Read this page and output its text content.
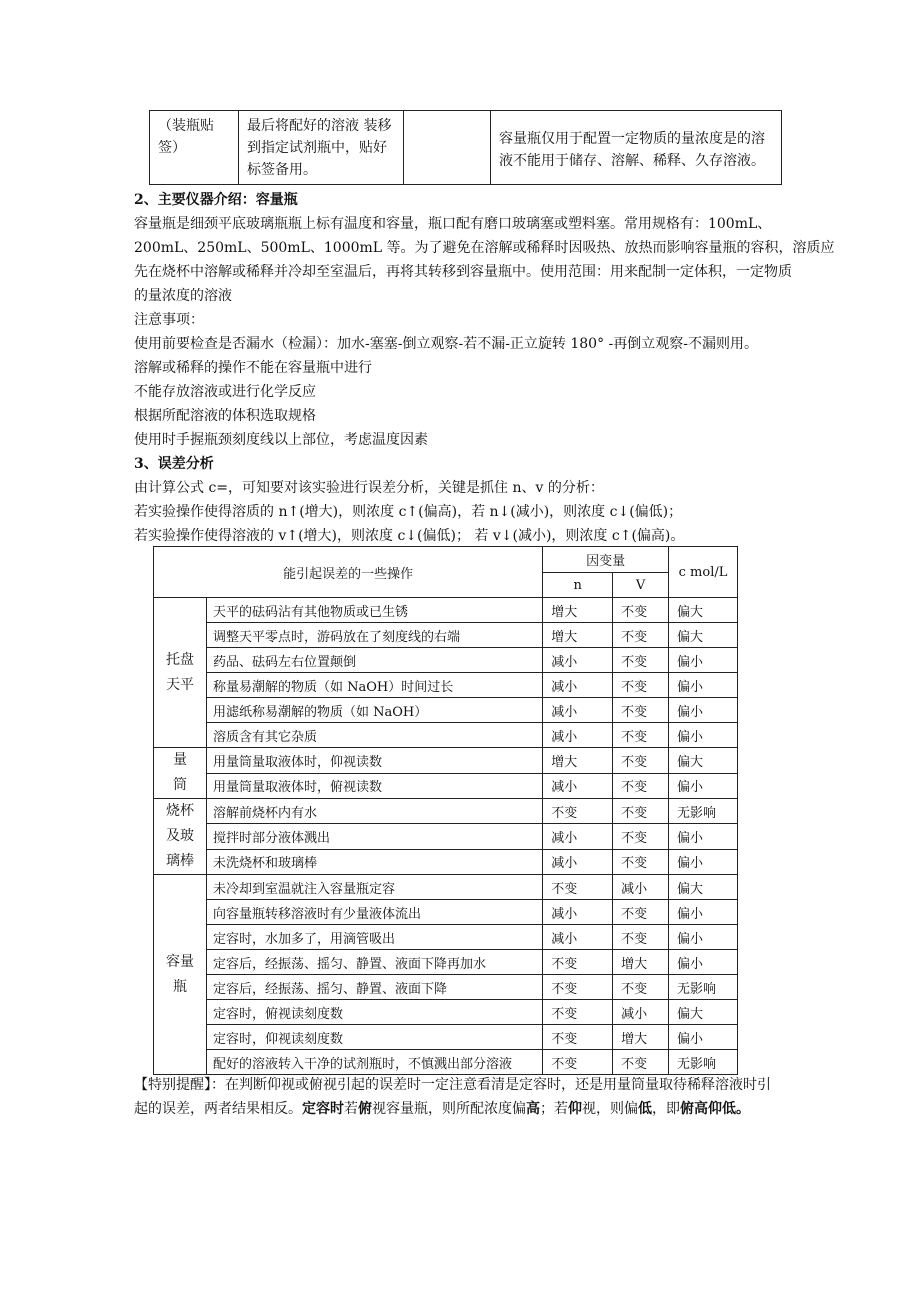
（装瓶贴签）	最后将配好的溶液 装移到指定试剂瓶中，贴好标签备用。		容量瓶仅用于配置一定物质的量浓度是的溶液不能用于储存、溶解、稀释、久存溶液。
2、主要仪器介绍：容量瓶
容量瓶是细颈平底玻璃瓶瓶上标有温度和容量，瓶口配有磨口玻璃塞或塑料塞。常用规格有：100mL、
200mL、250mL、500mL、1000mL 等。为了避免在溶解或稀释时因吸热、放热而影响容量瓶的容积，溶质应
先在烧杯中溶解或稀释并冷却至室温后，再将其转移到容量瓶中。使用范围：用来配制一定体积，一定物质
的量浓度的溶液
注意事项：
使用前要检查是否漏水（检漏）：加水-塞塞-倒立观察-若不漏-正立旋转 180° -再倒立观察-不漏则用。
溶解或稀释的操作不能在容量瓶中进行
不能存放溶液或进行化学反应
根据所配溶液的体积选取规格
使用时手握瓶颈刻度线以上部位，考虑温度因素
3、误差分析
由计算公式 c=，可知要对该实验进行误差分析，关键是抓住 n、v 的分析：
若实验操作使得溶质的 n↑(增大)，则浓度 c↑(偏高)，若 n↓(减小)，则浓度 c↓(偏低)；
若实验操作使得溶液的 v↑(增大)，则浓度 c↓(偏低)； 若 v↓(减小)，则浓度 c↑(偏高)。
能引起误差的一些操作		因变量		c mol/L
		n	V	
托盘天平	天平的砝码沾有其他物质或已生锈	增大	不变	偏大
	调整天平零点时，游码放在了刻度线的右端	增大	不变	偏大
	药品、砝码左右位置颠倒	减小	不变	偏小
	称量易潮解的物质（如 NaOH）时间过长	减小	不变	偏小
	用滤纸称易潮解的物质（如 NaOH）	减小	不变	偏小
	溶质含有其它杂质	减小	不变	偏小
量筒	用量筒量取液体时，仰视读数	增大	不变	偏大
	用量筒量取液体时，俯视读数	减小	不变	偏小
烧杯及玻璃棒	溶解前烧杯内有水	不变	不变	无影响
	搅拌时部分液体溅出	减小	不变	偏小
	未洗烧杯和玻璃棒	减小	不变	偏小
容量瓶	未冷却到室温就注入容量瓶定容	不变	减小	偏大
	向容量瓶转移溶液时有少量液体流出	减小	不变	偏小
	定容时，水加多了，用滴管吸出	减小	不变	偏小
	定容后，经振荡、摇匀、静置、液面下降再加水	不变	增大	偏小
	定容后，经振荡、摇匀、静置、液面下降	不变	不变	无影响
	定容时，俯视读刻度数	不变	减小	偏大
	定容时，仰视读刻度数	不变	增大	偏小
	配好的溶液转入干净的试剂瓶时，不慎溅出部分溶液	不变	不变	无影响
【特别提醒】：在判断仰视或俯视引起的误差时一定注意看清是定容时，还是用量筒量取待稀释溶液时引
起的误差，两者结果相反。定容时若俯视容量瓶，则所配浓度偏高；若仰视，则偏低，即俯高仰低。
